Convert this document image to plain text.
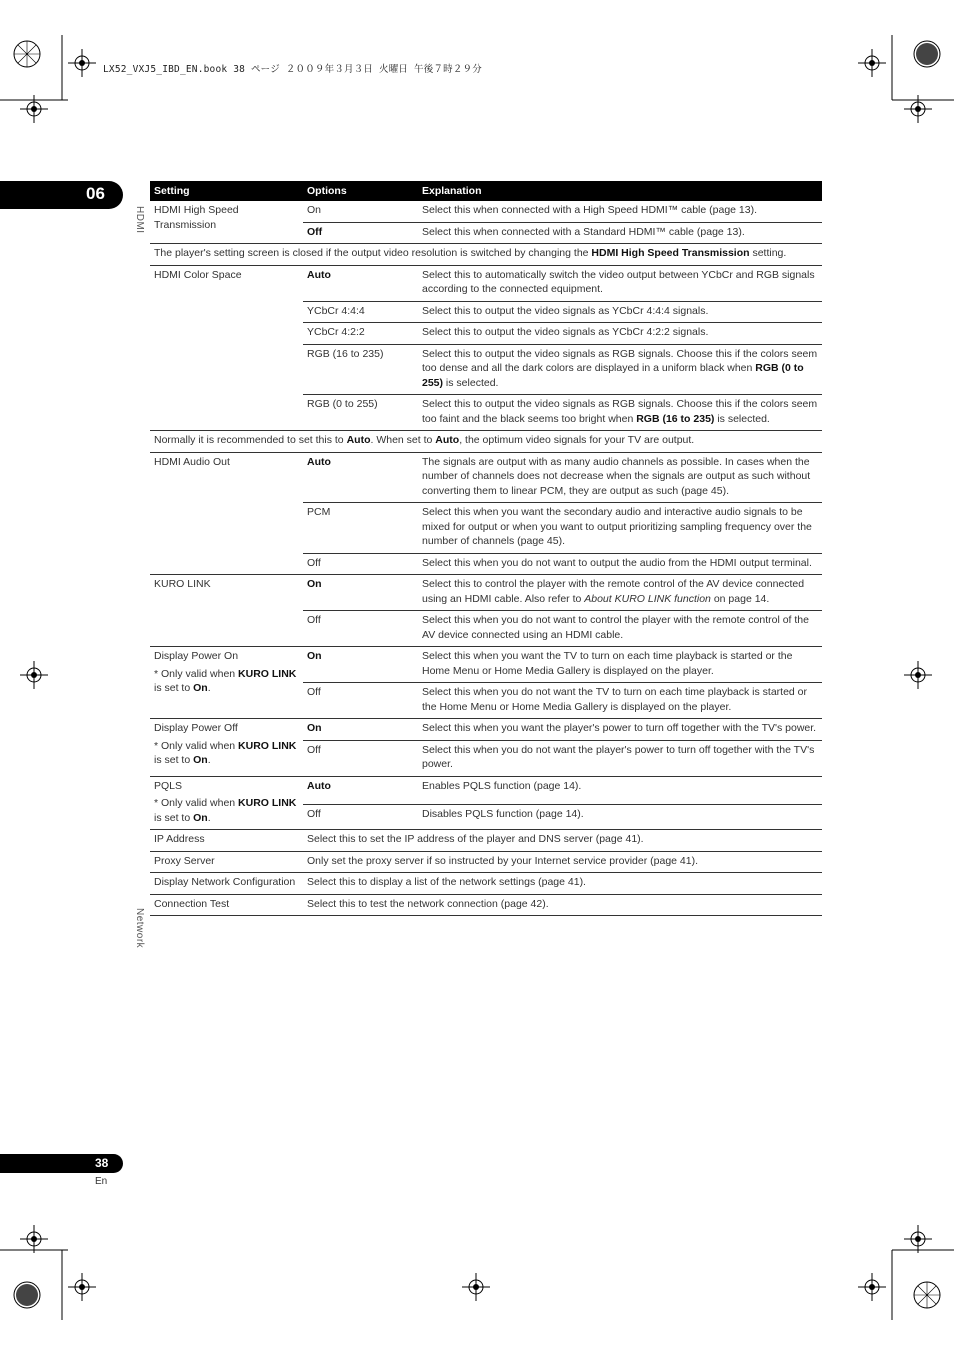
LX52_VXJ5_IBD_EN.book 38 ページ ２００９年３月３日 火曜日 午後７時２９分
06
HDMI
Network
Setting	Options	Explanation
HDMI High Speed Transmission	On	Select this when connected with a High Speed HDMI™ cable (page 13).
	Off	Select this when connected with a Standard HDMI™ cable (page 13).
The player's setting screen is closed if the output video resolution is switched by changing the HDMI High Speed Transmission setting.		
HDMI Color Space	Auto	Select this to automatically switch the video output between YCbCr and RGB signals according to the connected equipment.
	YCbCr 4:4:4	Select this to output the video signals as YCbCr 4:4:4 signals.
	YCbCr 4:2:2	Select this to output the video signals as YCbCr 4:2:2 signals.
	RGB (16 to 235)	Select this to output the video signals as RGB signals. Choose this if the colors seem too dense and all the dark colors are displayed in a uniform black when RGB (0 to 255) is selected.
	RGB (0 to 255)	Select this to output the video signals as RGB signals. Choose this if the colors seem too faint and the black seems too bright when RGB (16 to 235) is selected.
Normally it is recommended to set this to Auto. When set to Auto, the optimum video signals for your TV are output.		
HDMI Audio Out	Auto	The signals are output with as many audio channels as possible. In cases when the number of channels does not decrease when the signals are output as such without converting them to linear PCM, they are output as such (page 45).
	PCM	Select this when you want the secondary audio and interactive audio signals to be mixed for output or when you want to output prioritizing sampling frequency over the number of channels (page 45).
	Off	Select this when you do not want to output the audio from the HDMI output terminal.
KURO LINK	On	Select this to control the player with the remote control of the AV device connected using an HDMI cable. Also refer to About KURO LINK function on page 14.
	Off	Select this when you do not want to control the player with the remote control of the AV device connected using an HDMI cable.

Display Power On
* Only valid when KURO LINK is set to On.	On	Select this when you want the TV to turn on each time playback is started or the Home Menu or Home Media Gallery is displayed on the player.
	Off	Select this when you do not want the TV to turn on each time playback is started or the Home Menu or Home Media Gallery is displayed on the player.

Display Power Off
* Only valid when KURO LINK is set to On.	On	Select this when you want the player's power to turn off together with the TV's power.
	Off	Select this when you do not want the player's power to turn off together with the TV's power.

PQLS
* Only valid when KURO LINK is set to On.	Auto	Enables PQLS function (page 14).
	Off	Disables PQLS function (page 14).
IP Address	Select this to set the IP address of the player and DNS server (page 41).	
Proxy Server	Only set the proxy server if so instructed by your Internet service provider (page 41).	
Display Network Configuration	Select this to display a list of the network settings (page 41).	
Connection Test	Select this to test the network connection (page 42).	
38
En
